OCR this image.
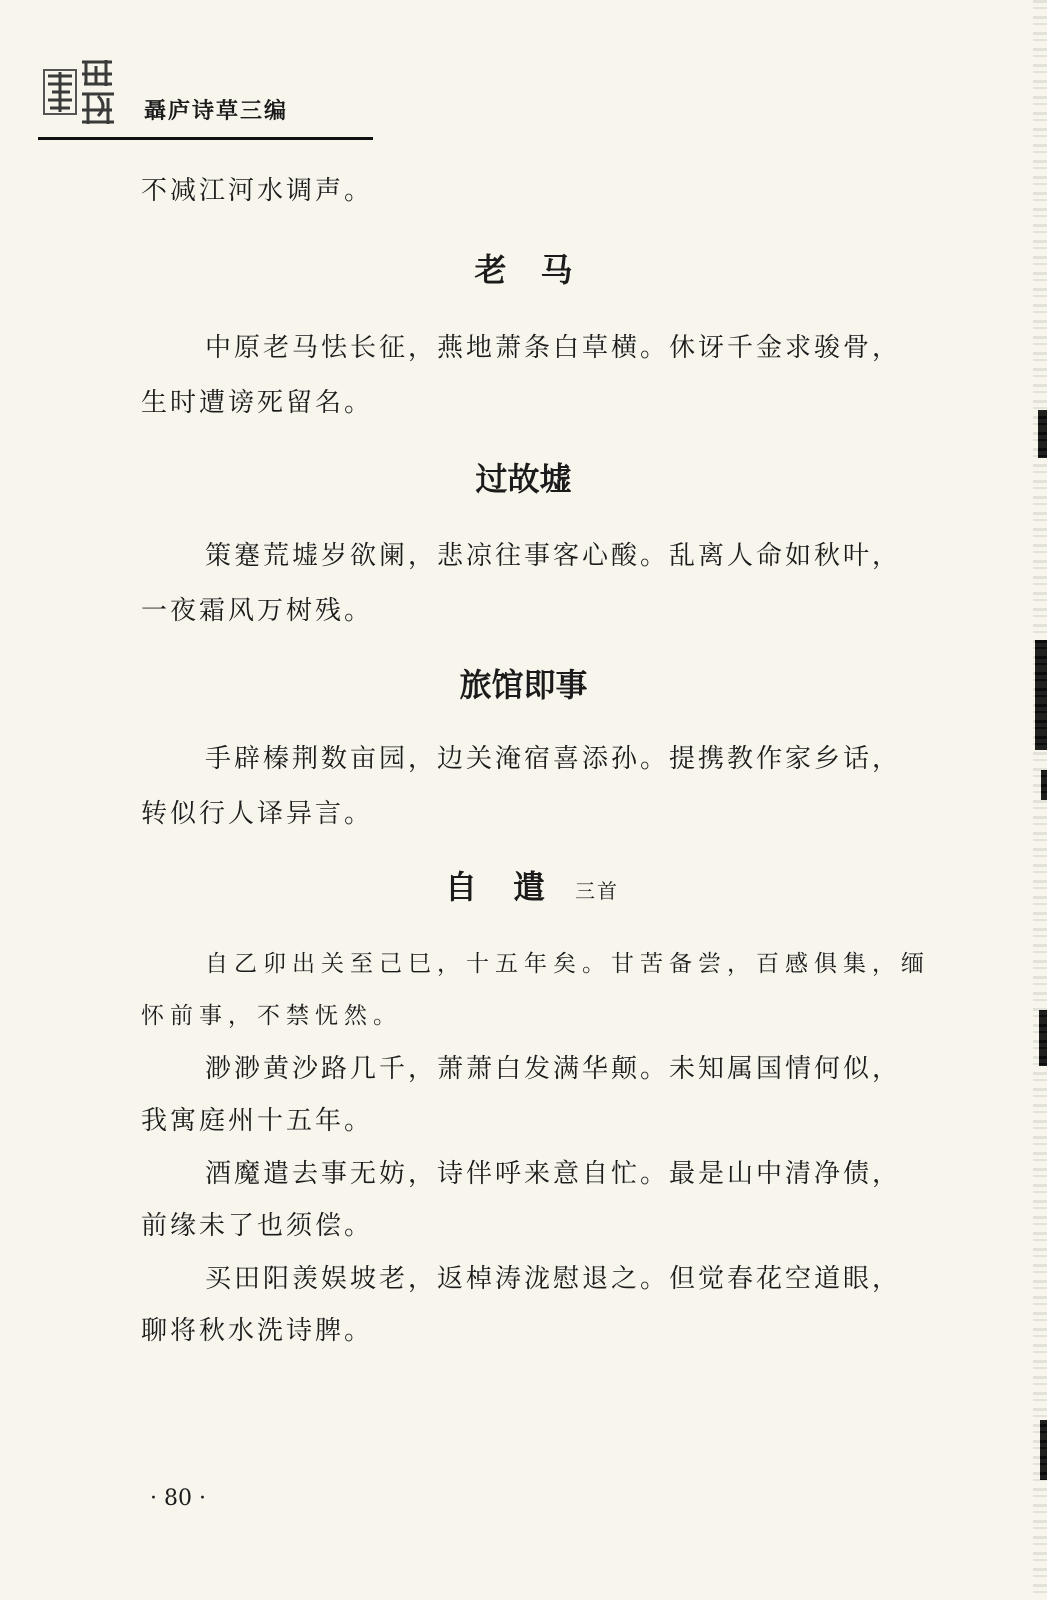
聶庐诗草三编
不减江河水调声。
老马
中原老马怯长征，燕地萧条白草横。休讶千金求骏骨，
生时遭谤死留名。
过故墟
策蹇荒墟岁欲阑，悲凉往事客心酸。乱离人命如秋叶，
一夜霜风万树残。
旅馆即事
手辟榛荆数亩园，边关淹宿喜添孙。提携教作家乡话，
转似行人译异言。
自遣三首
自乙卯出关至己巳，十五年矣。甘苦备尝，百感俱集，缅
怀前事，不禁怃然。
渺渺黄沙路几千，萧萧白发满华颠。未知属国情何似，
我寓庭州十五年。
酒魔遣去事无妨，诗伴呼来意自忙。最是山中清净债，
前缘未了也须偿。
买田阳羡娱坡老，返棹涛泷慰退之。但觉春花空道眼，
聊将秋水洗诗脾。
· 80 ·
